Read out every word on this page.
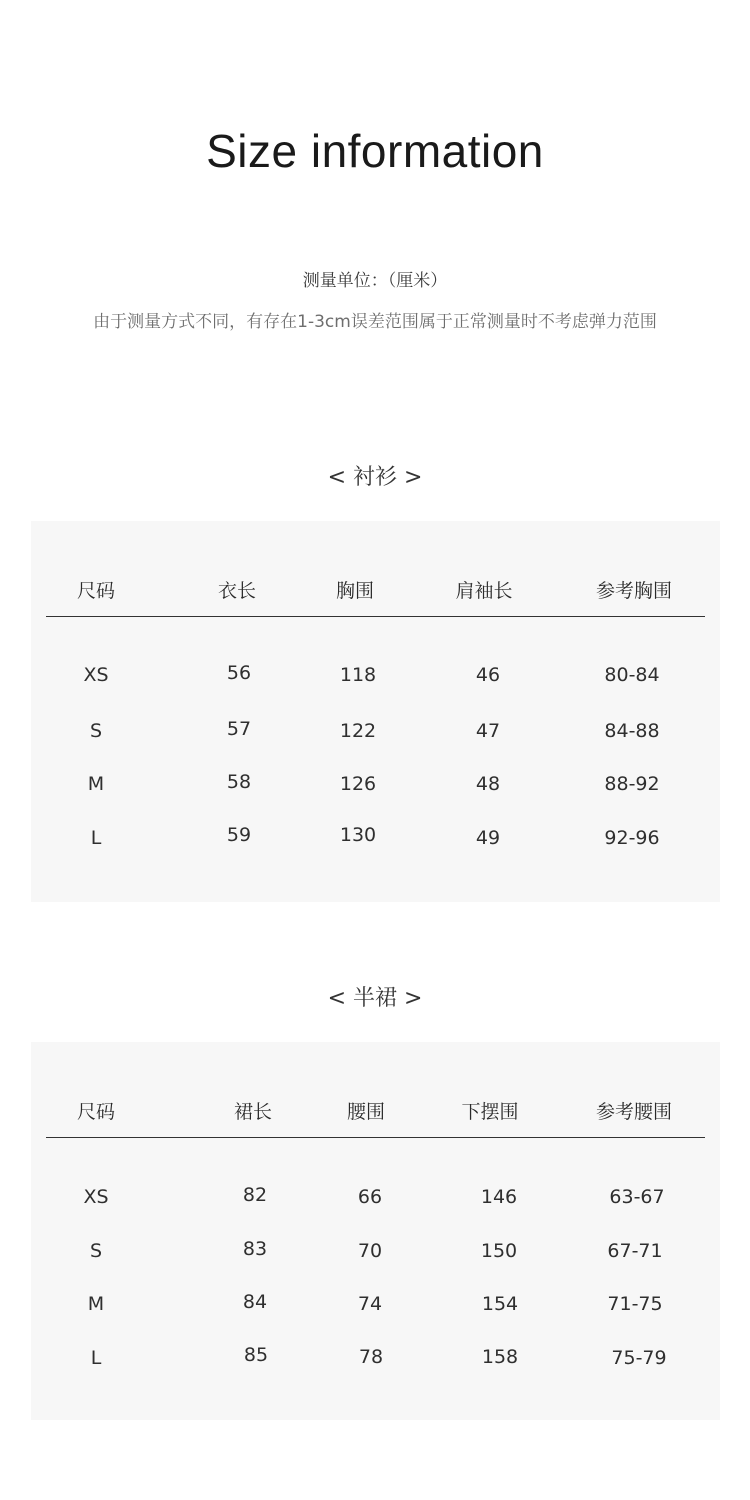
Size information
测量单位：（厘米）
由于测量方式不同，有存在1-3cm误差范围属于正常测量时不考虑弹力范围
< 衬衫 >
尺码	衣长	胸围	肩袖长	参考胸围
XS	56	118	46	80-84
S	57	122	47	84-88
M	58	126	48	88-92
L	59	130	49	92-96
< 半裙 >
尺码	裙长	腰围	下摆围	参考腰围
XS	82	66	146	63-67
S	83	70	150	67-71
M	84	74	154	71-75
L	85	78	158	75-79
